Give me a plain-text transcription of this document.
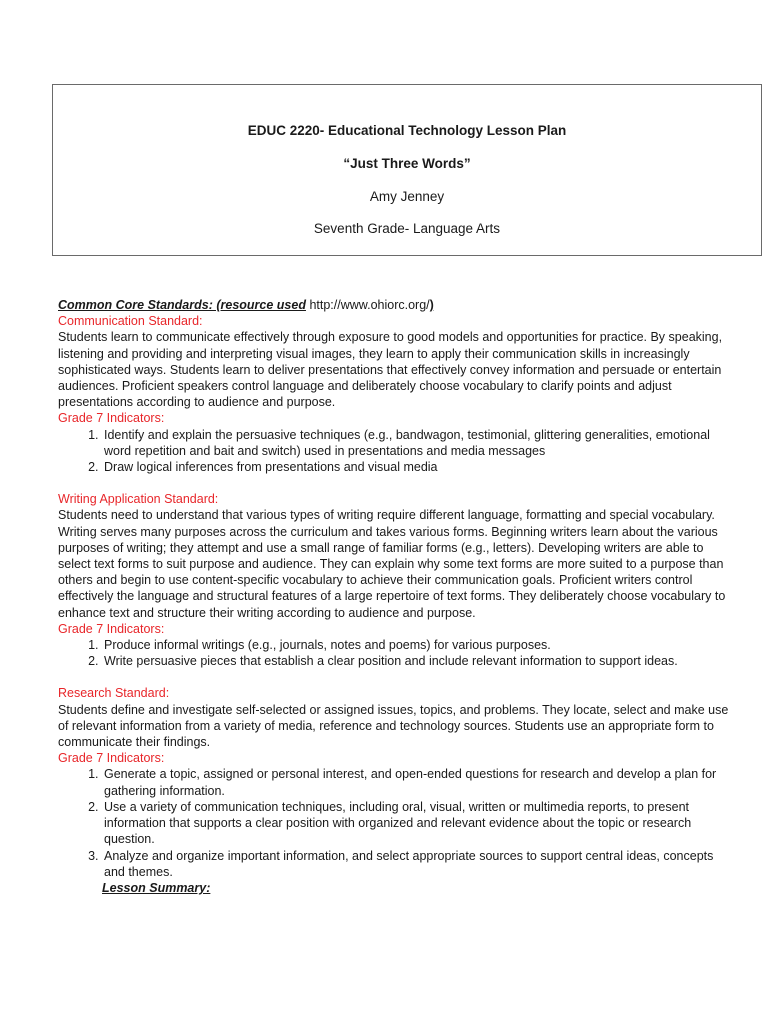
EDUC 2220- Educational Technology Lesson Plan
“Just Three Words”
Amy Jenney
Seventh Grade- Language Arts

Common Core Standards: (resource used http://www.ohiorc.org/)

Communication Standard:

Students learn to communicate effectively through exposure to good models and opportunities for practice. By speaking, listening and providing and interpreting visual images, they learn to apply their communication skills in increasingly sophisticated ways. Students learn to deliver presentations that effectively convey information and persuade or entertain audiences. Proficient speakers control language and deliberately choose vocabulary to clarify points and adjust presentations according to audience and purpose.

Grade 7 Indicators:

1. Identify and explain the persuasive techniques (e.g., bandwagon, testimonial, glittering generalities, emotional word repetition and bait and switch) used in presentations and media messages
2. Draw logical inferences from presentations and visual media

Writing Application Standard:

Students need to understand that various types of writing require different language, formatting and special vocabulary. Writing serves many purposes across the curriculum and takes various forms. Beginning writers learn about the various purposes of writing; they attempt and use a small range of familiar forms (e.g., letters). Developing writers are able to select text forms to suit purpose and audience. They can explain why some text forms are more suited to a purpose than others and begin to use content-specific vocabulary to achieve their communication goals. Proficient writers control effectively the language and structural features of a large repertoire of text forms. They deliberately choose vocabulary to enhance text and structure their writing according to audience and purpose.

Grade 7 Indicators:

1. Produce informal writings (e.g., journals, notes and poems) for various purposes.
2. Write persuasive pieces that establish a clear position and include relevant information to support ideas.

Research Standard:

Students define and investigate self-selected or assigned issues, topics, and problems. They locate, select and make use of relevant information from a variety of media, reference and technology sources. Students use an appropriate form to communicate their findings.

Grade 7 Indicators:

1. Generate a topic, assigned or personal interest, and open-ended questions for research and develop a plan for gathering information.
2. Use a variety of communication techniques, including oral, visual, written or multimedia reports, to present information that supports a clear position with organized and relevant evidence about the topic or research question.
3. Analyze and organize important information, and select appropriate sources to support central ideas, concepts and themes.

Lesson Summary:
